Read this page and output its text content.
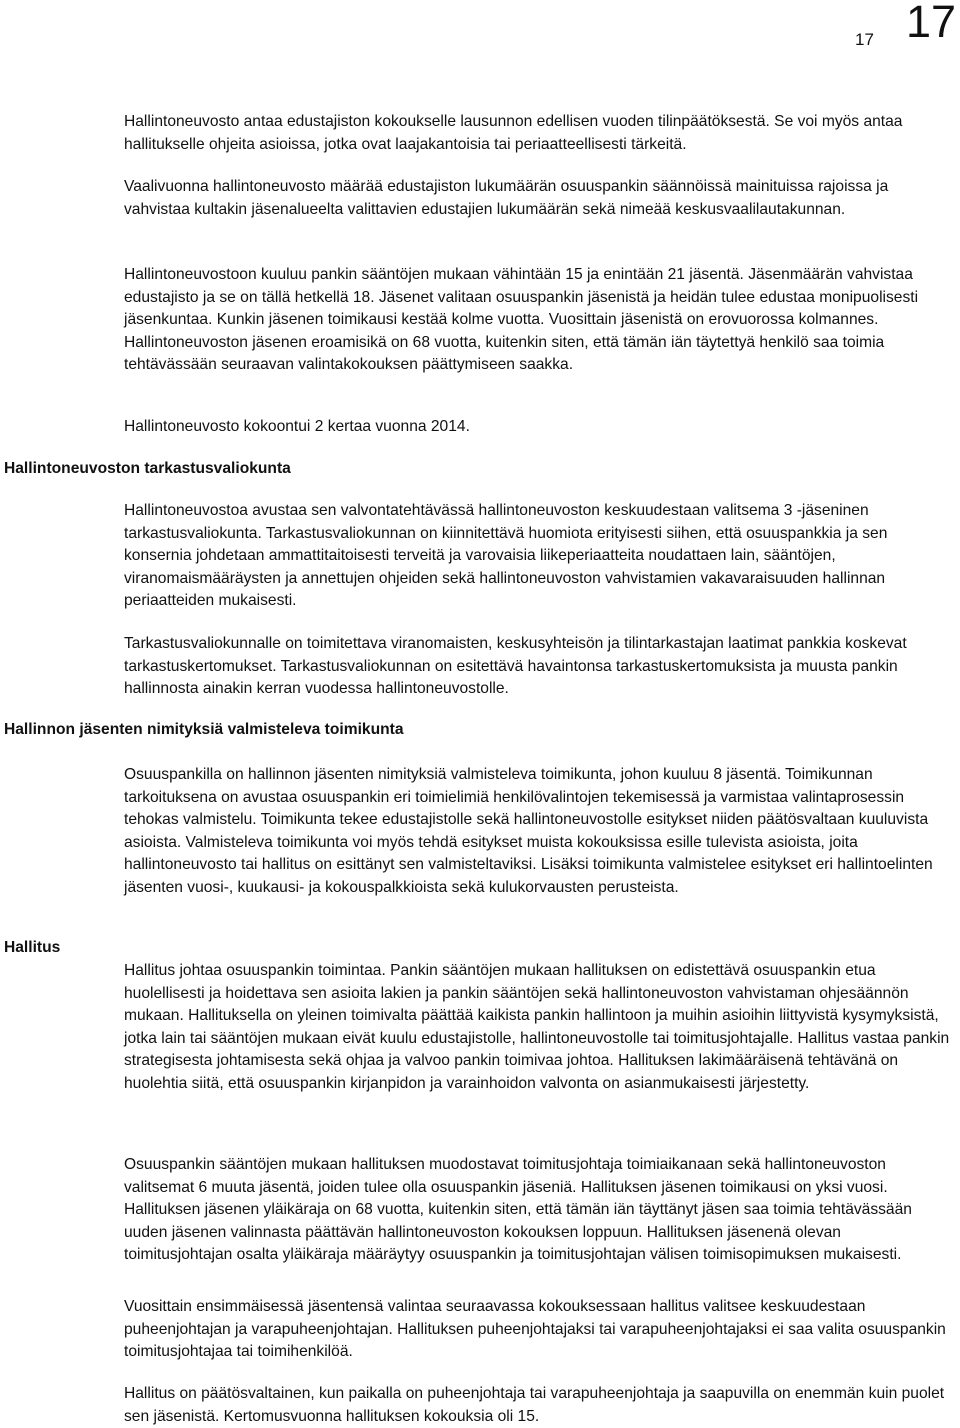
17 17

Hallintoneuvosto antaa edustajiston kokoukselle lausunnon edellisen vuoden tilinpäätöksestä. Se voi myös antaa hallitukselle ohjeita asioissa, jotka ovat laajakantoisia tai periaatteellisesti tärkeitä.

Vaalivuonna hallintoneuvosto määrää edustajiston lukumäärän osuuspankin säännöissä mainituissa rajoissa ja vahvistaa kultakin jäsenalueelta valittavien edustajien lukumäärän sekä nimeää keskusvaalilautakunnan.

Hallintoneuvostoon kuuluu pankin sääntöjen mukaan vähintään 15 ja enintään 21 jäsentä. Jäsenmäärän vahvistaa edustajisto ja se on tällä hetkellä 18. Jäsenet valitaan osuuspankin jäsenistä ja heidän tulee edustaa monipuolisesti jäsenkuntaa. Kunkin jäsenen toimikausi kestää kolme vuotta. Vuosittain jäsenistä on erovuorossa kolmannes. Hallintoneuvoston jäsenen eroamisikä on 68 vuotta, kuitenkin siten, että tämän iän täytettyä henkilö saa toimia tehtävässään seuraavan valintakokouksen päättymiseen saakka.

Hallintoneuvosto kokoontui 2 kertaa vuonna 2014.

Hallintoneuvoston tarkastusvaliokunta

Hallintoneuvostoa avustaa sen valvontatehtävässä hallintoneuvoston keskuudestaan valitsema 3 -jäseninen tarkastusvaliokunta. Tarkastusvaliokunnan on kiinnitettävä huomiota erityisesti siihen, että osuuspankkia ja sen konsernia johdetaan ammattitaitoisesti terveitä ja varovaisia liikeperiaatteita noudattaen lain, sääntöjen, viranomaismääräysten ja annettujen ohjeiden sekä hallintoneuvoston vahvistamien vakavaraisuuden hallinnan periaatteiden mukaisesti.

Tarkastusvaliokunnalle on toimitettava viranomaisten, keskusyhteisön ja tilintarkastajan laatimat pankkia koskevat tarkastuskertomukset. Tarkastusvaliokunnan on esitettävä havaintonsa tarkastuskertomuksista ja muusta pankin hallinnosta ainakin kerran vuodessa hallintoneuvostolle.

Hallinnon jäsenten nimityksiä valmisteleva toimikunta

Osuuspankilla on hallinnon jäsenten nimityksiä valmisteleva toimikunta, johon kuuluu 8 jäsentä. Toimikunnan tarkoituksena on avustaa osuuspankin eri toimielimiä henkilövalintojen tekemisessä ja varmistaa valintaprosessin tehokas valmistelu. Toimikunta tekee edustajistolle sekä hallintoneuvostolle esitykset niiden päätösvaltaan kuuluvista asioista. Valmisteleva toimikunta voi myös tehdä esitykset muista kokouksissa esille tulevista asioista, joita hallintoneuvosto tai hallitus on esittänyt sen valmisteltaviksi. Lisäksi toimikunta valmistelee esitykset eri hallintoelinten jäsenten vuosi-, kuukausi- ja kokouspalkkioista sekä kulukorvausten perusteista.

Hallitus

Hallitus johtaa osuuspankin toimintaa. Pankin sääntöjen mukaan hallituksen on edistettävä osuuspankin etua huolellisesti ja hoidettava sen asioita lakien ja pankin sääntöjen sekä hallintoneuvoston vahvistaman ohjesäännön mukaan. Hallituksella on yleinen toimivalta päättää kaikista pankin hallintoon ja muihin asioihin liittyvistä kysymyksistä, jotka lain tai sääntöjen mukaan eivät kuulu edustajistolle, hallintoneuvostolle tai toimitusjohtajalle. Hallitus vastaa pankin strategisesta johtamisesta sekä ohjaa ja valvoo pankin toimivaa johtoa. Hallituksen lakimääräisenä tehtävänä on huolehtia siitä, että osuuspankin kirjanpidon ja varainhoidon valvonta on asianmukaisesti järjestetty.

Osuuspankin sääntöjen mukaan hallituksen muodostavat toimitusjohtaja toimiaikanaan sekä hallintoneuvoston valitsemat 6 muuta jäsentä, joiden tulee olla osuuspankin jäseniä. Hallituksen jäsenen toimikausi on yksi vuosi. Hallituksen jäsenen yläikäraja on 68 vuotta, kuitenkin siten, että tämän iän täyttänyt jäsen saa toimia tehtävässään uuden jäsenen valinnasta päättävän hallintoneuvoston kokouksen loppuun. Hallituksen jäsenenä olevan toimitusjohtajan osalta yläikäraja määräytyy osuuspankin ja toimitusjohtajan välisen toimisopimuksen mukaisesti.

Vuosittain ensimmäisessä jäsentensä valintaa seuraavassa kokouksessaan hallitus valitsee keskuudestaan puheenjohtajan ja varapuheenjohtajan. Hallituksen puheenjohtajaksi tai varapuheenjohtajaksi ei saa valita osuuspankin toimitusjohtajaa tai toimihenkilöä.

Hallitus on päätösvaltainen, kun paikalla on puheenjohtaja tai varapuheenjohtaja ja saapuvilla on enemmän kuin puolet sen jäsenistä. Kertomusvuonna hallituksen kokouksia oli 15.
